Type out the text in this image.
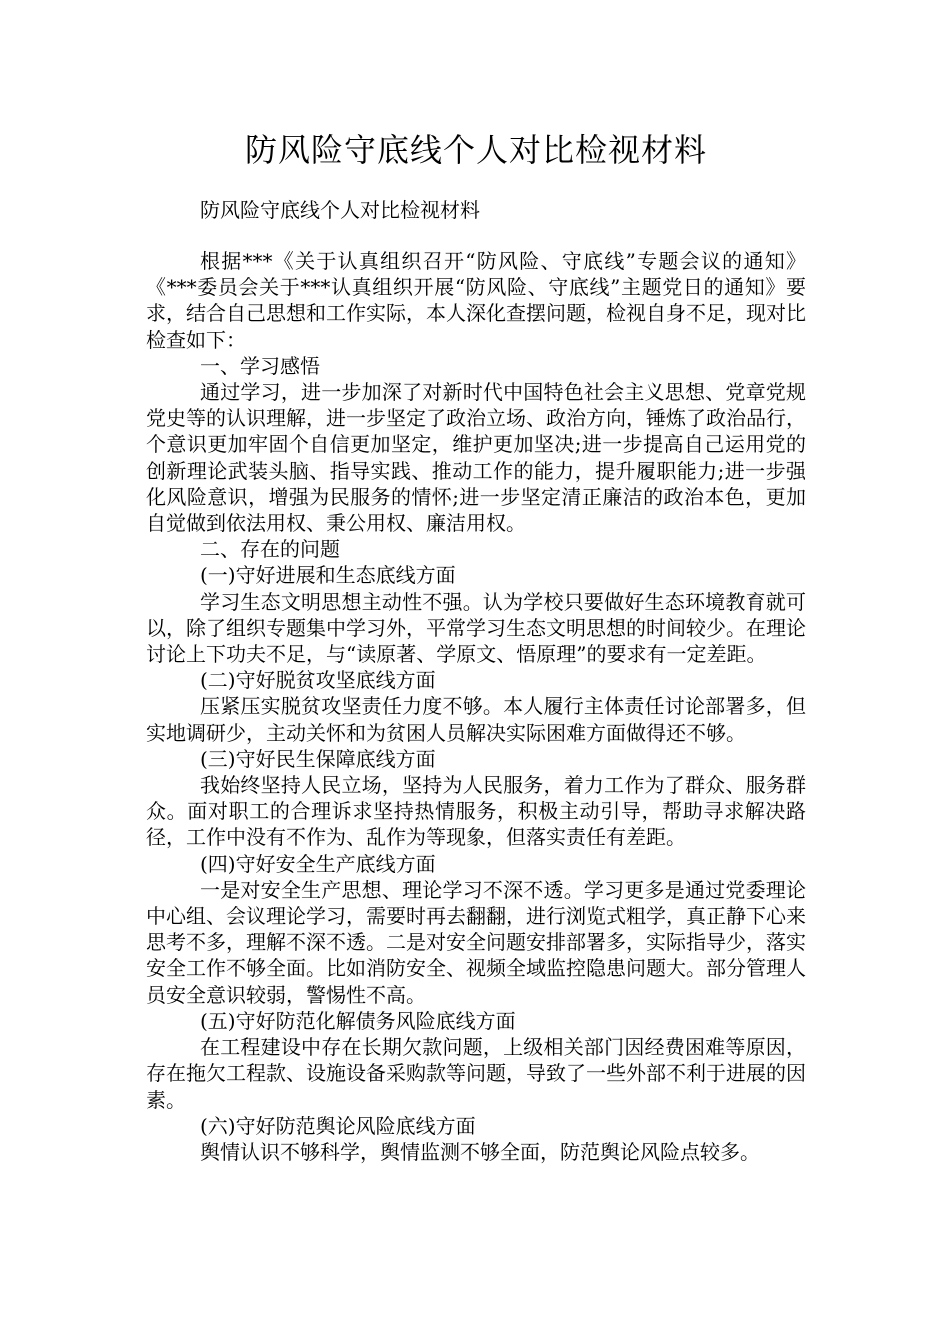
防风险守底线个人对比检视材料
防风险守底线个人对比检视材料

根据***《关于认真组织召开“防风险、守底线”专题会议的通知》《***委员会关于***认真组织开展“防风险、守底线”主题党日的通知》要求，结合自己思想和工作实际，本人深化查摆问题，检视自身不足，现对比检查如下：

一、学习感悟

通过学习，进一步加深了对新时代中国特色社会主义思想、党章党规党史等的认识理解，进一步坚定了政治立场、政治方向，锤炼了政治品行，个意识更加牢固个自信更加坚定，维护更加坚决;进一步提高自己运用党的创新理论武装头脑、指导实践、推动工作的能力，提升履职能力;进一步强化风险意识，增强为民服务的情怀;进一步坚定清正廉洁的政治本色，更加自觉做到依法用权、秉公用权、廉洁用权。

二、存在的问题

(一)守好进展和生态底线方面

学习生态文明思想主动性不强。认为学校只要做好生态环境教育就可以，除了组织专题集中学习外，平常学习生态文明思想的时间较少。在理论讨论上下功夫不足，与“读原著、学原文、悟原理”的要求有一定差距。

(二)守好脱贫攻坚底线方面

压紧压实脱贫攻坚责任力度不够。本人履行主体责任讨论部署多，但实地调研少，主动关怀和为贫困人员解决实际困难方面做得还不够。

(三)守好民生保障底线方面

我始终坚持人民立场，坚持为人民服务，着力工作为了群众、服务群众。面对职工的合理诉求坚持热情服务，积极主动引导，帮助寻求解决路径，工作中没有不作为、乱作为等现象，但落实责任有差距。

(四)守好安全生产底线方面

一是对安全生产思想、理论学习不深不透。学习更多是通过党委理论中心组、会议理论学习，需要时再去翻翻，进行浏览式粗学，真正静下心来思考不多，理解不深不透。二是对安全问题安排部署多，实际指导少，落实安全工作不够全面。比如消防安全、视频全域监控隐患问题大。部分管理人员安全意识较弱，警惕性不高。

(五)守好防范化解债务风险底线方面

在工程建设中存在长期欠款问题，上级相关部门因经费困难等原因，存在拖欠工程款、设施设备采购款等问题，导致了一些外部不利于进展的因素。

(六)守好防范舆论风险底线方面

舆情认识不够科学，舆情监测不够全面，防范舆论风险点较多。
